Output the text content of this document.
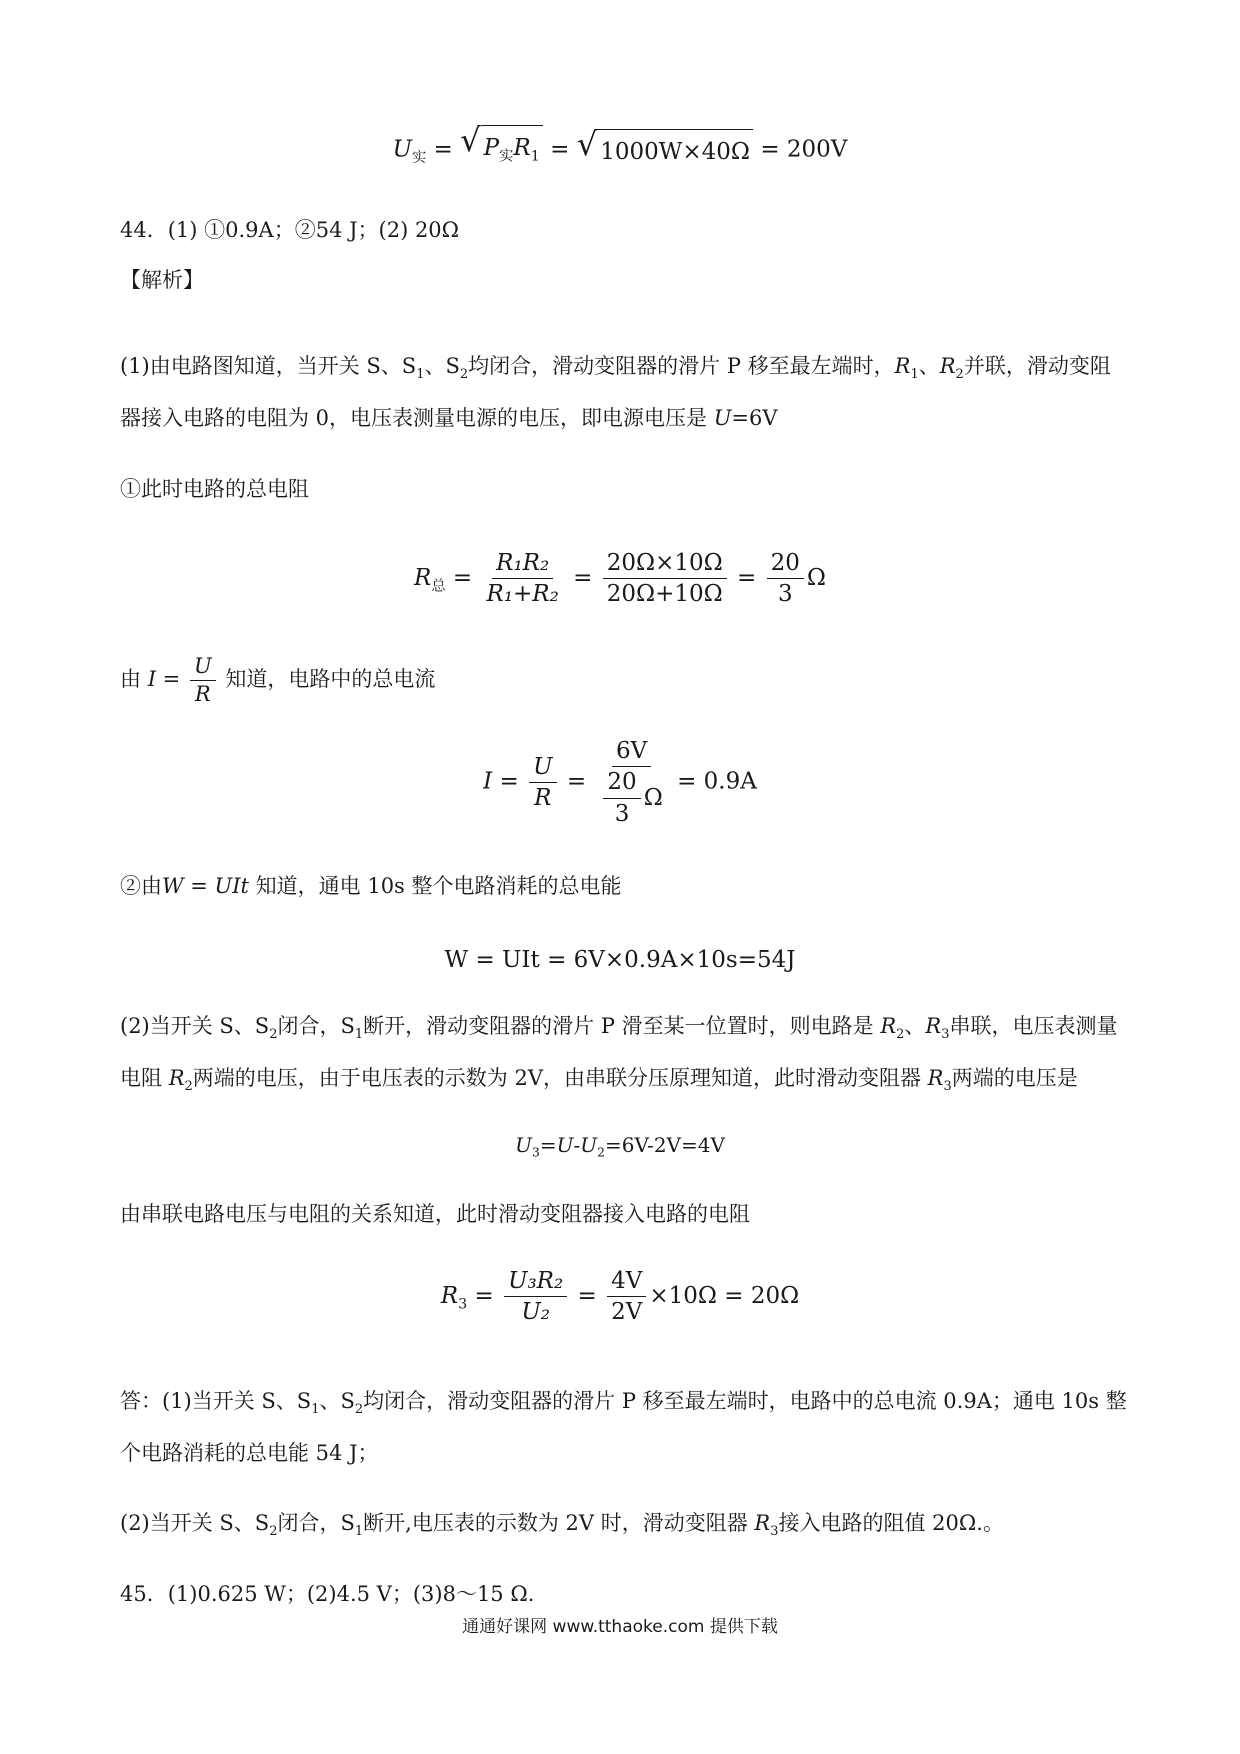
$U_实$ = √ $P_实R_1$ = √ 1000W×40Ω = 200V
44．(1) ①0.9A；②54 J；(2) 20Ω
【解析】
(1)由电路图知道，当开关 S、$S_1$、$S_2$均闭合，滑动变阻器的滑片 P 移至最左端时，$R_1$、$R_2$并联，滑动变阻
器接入电路的电阻为 0，电压表测量电源的电压，即电源电压是 U=6V
①此时电路的总电阻
$R_总 = \frac{\text{R₁R₂}}{\text{R₁+R₂}} = \frac{20\Omega\times 10\Omega}{20\Omega+10\Omega} = \frac{20}{3}$ Ω
由 $I = \frac{U}{R}$ 知道，电路中的总电流
$I = \frac{U}{R} = \frac{6V}{\frac{20}{3} \Omega} = 0.9A$
②由W = UIt 知道，通电 10s 整个电路消耗的总电能
W = UIt = 6V×0.9A×10s=54J
(2)当开关 S、$S_2$闭合，$S_1$断开，滑动变阻器的滑片 P 滑至某一位置时，则电路是 $R_2$、$R_3$串联，电压表测量
电阻 $R_2$两端的电压，由于电压表的示数为 2V，由串联分压原理知道，此时滑动变阻器 $R_3$两端的电压是
$U_3=U-U_2=6V-2V=4V$
由串联电路电压与电阻的关系知道，此时滑动变阻器接入电路的电阻
$R_3 = \frac{\text{U₃R₂}}{\text{U₂}} = \frac{4V}{2V} \times 10\Omega = 20\Omega$
答：(1)当开关 S、$S_1$、$S_2$均闭合，滑动变阻器的滑片 P 移至最左端时，电路中的总电流 0.9A；通电 10s 整
个电路消耗的总电能 54 J；
(2)当开关 S、$S_2$闭合，$S_1$断开,电压表的示数为 2V 时，滑动变阻器 $R_3$接入电路的阻值 20Ω.。
45．(1)0.625 W；(2)4.5 V；(3)8～15 Ω.
通通好课网 www.tthaoke.com 提供下载
